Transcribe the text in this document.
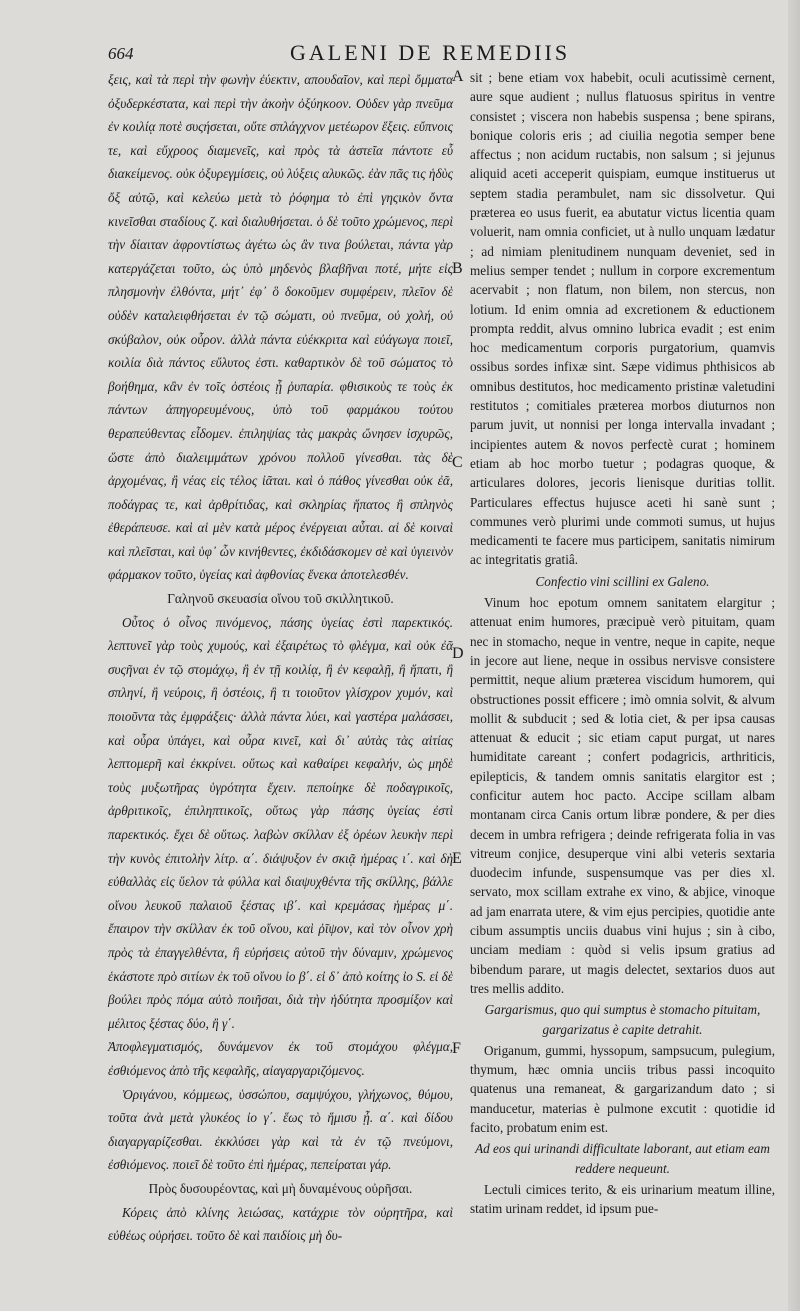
664	GALENI DE REMEDIIS

ξεις, καὶ τὰ περὶ τὴν φωνὴν ἐύεκτιν, απουδαῖον, καὶ περὶ ὄμματα ὀξυδερκέστατα, καὶ περὶ τὴν ἀκοὴν ὀξύηκοον. Οὐδεν γὰρ πνεῦμα ἐν κοιλίᾳ ποτὲ συςήσεται, οὔτε σπλάγχνον μετέωρον ἕξεις. εὔπνοις τε, καὶ εὔχροος διαμενεῖς, καὶ πρὸς τὰ ἀστεῖα πάντοτε εὖ διακείμενος. οὐκ ὀξυρεγμίσεις, οὐ λύξεις αλυκῶς. ἐὰν πᾶς τις ἡδὺς ὄξ αὐτῷ, καὶ κελεύω μετὰ τὸ ῥόφημα τὸ ἐπὶ γηςικὸν ὄντα κινεῖσθαι σταδίους ζ. καὶ διαλυθήσεται. ὁ δὲ τοῦτο χρώμενος, περὶ τὴν δίαιταν ἀφροντίστως ἀγέτω ὡς ἂν τινα βούλεται, πάντα γὰρ κατεργάζεται τοῦτο, ὡς ὑπὸ μηδενὸς βλαβῆναι ποτέ, μήτε εἰς πλησμονὴν ἐλθόντα, μήτ᾽ ἐφ᾽ ὃ δοκοῦμεν συμφέρειν, πλεῖον δὲ οὐδὲν καταλειφθήσεται ἐν τῷ σώματι, οὐ πνεῦμα, οὐ χολή, οὐ σκύβαλον, οὐκ οὖρον. ἀλλὰ πάντα εὐέκκριτα καὶ εὐάγωγα ποιεῖ, κοιλία διὰ πάντος εὔλυτος ἐστι. καθαρτικὸν δὲ τοῦ σώματος τὸ βοήθημα, κἂν ἐν τοῖς ὀστέοις ᾖ ῥυπαρία. φθισικοὺς τε τοὺς ἐκ πάντων ἀπηγορευμένους, ὑπὸ τοῦ φαρμάκου τούτου θεραπεύθεντας εἶδομεν. ἐπιληψίας τὰς μακρὰς ὤνησεν ἰσχυρῶς, ὥστε ἀπὸ διαλειμμάτων χρόνου πολλοῦ γίνεσθαι. τὰς δὲ ἀρχομένας, ἢ νέας εἰς τέλος ἰᾶται. καὶ ὁ πάθος γίνεσθαι οὐκ ἐᾶ, ποδάγρας τε, καὶ ἀρθρίτιδας, καὶ σκληρίας ἥπατος ἢ σπληνὸς ἐθεράπευσε. καὶ αἱ μὲν κατὰ μέρος ἐνέργειαι αὗται. αἱ δὲ κοιναὶ καὶ πλεῖσται, καὶ ὑφ᾽ ὧν κινήθεντες, ἐκδιδάσκομεν σὲ καὶ ὑγιεινὸν φάρμακον τοῦτο, ὑγείας καὶ ἀφθονίας ἕνεκα ἀποτελεσθέν.

Γαληνοῦ σκευασία οἴνου τοῦ σκιλλητικοῦ.

Οὗτος ὁ οἶνος πινόμενος, πάσης ὑγείας ἐστὶ παρεκτικός. λεπτυνεῖ γὰρ τοὺς χυμούς, καὶ ἐξαιρέτως τὸ φλέγμα, καὶ οὐκ ἐᾶ συςῆναι ἐν τῷ στομάχῳ, ἢ ἐν τῇ κοιλίᾳ, ἢ ἐν κεφαλῇ, ἢ ἥπατι, ἢ σπληνί, ἢ νεύροις, ἢ ὀστέοις, ἢ τι τοιοῦτον γλίσχρον χυμόν, καὶ ποιοῦντα τὰς ἐμφράξεις· ἀλλὰ πάντα λύει, καὶ γαστέρα μαλάσσει, καὶ οὖρα ὑπάγει, καὶ οὖρα κινεῖ, καὶ δι᾽ αὐτὰς τὰς αἰτίας λεπτομερῆ καὶ ἐκκρίνει. οὕτως καὶ καθαίρει κεφαλήν, ὡς μηδὲ τοὺς μυξωτῆρας ὑγρότητα ἔχειν. πεποίηκε δὲ ποδαγρικοῖς, ἀρθριτικοῖς, ἐπιληπτικοῖς, οὕτως γὰρ πάσης ὑγείας ἐστὶ παρεκτικός. ἔχει δὲ οὕτως. λαβὼν σκίλλαν ἐξ ὀρέων λευκὴν περὶ τὴν κυνὸς ἐπιτολὴν λίτρ. α΄. διάψυξον ἐν σκιᾷ ἡμέρας ι΄. καὶ δὴ εὐθαλλὰς εἰς ὕελον τὰ φύλλα καὶ διαψυχθέντα τῆς σκίλλης, βάλλε οἴνου λευκοῦ παλαιοῦ ξέστας ιβ΄. καὶ κρεμάσας ἡμέρας μ΄. ἔπαιρον τὴν σκίλλαν ἐκ τοῦ οἴνου, καὶ ῥῖψον, καὶ τὸν οἶνον χρὴ πρὸς τὰ ἐπαγγελθέντα, ἢ εὐρήσεις αὐτοῦ τὴν δύναμιν, χρώμενος ἑκάστοτε πρὸ σιτίων ἐκ τοῦ οἴνου ἰο β΄. εἰ δ᾽ ἀπὸ κοίτης ἰο S. εἰ δὲ βούλει πρὸς πόμα αὐτὸ ποιῆσαι, διὰ τὴν ἡδύτητα προσμίξον καὶ μέλιτος ξέστας δύο, ἢ γ΄.

Ἀποφλεγματισμός, δυνάμενον ἐκ τοῦ στομάχου φλέγμα, ἐσθιόμενος ἀπὸ τῆς κεφαλῆς, αἰαγαργαριζόμενος.

Ὀριγάνου, κόμμεως, ὑσσώπου, σαμψύχου, γλήχωνος, θύμου, τοῦτα ἀνὰ μετὰ γλυκέος ἰο γ΄. ἕως τὸ ἥμισυ ᾖ. α΄. καὶ δίδου διαγαργαρίζεσθαι. ἐκκλύσει γὰρ καὶ τὰ ἐν τῷ πνεύμονι, ἐσθιόμενος. ποιεῖ δὲ τοῦτο ἐπὶ ἡμέρας, πεπείραται γάρ.

Πρὸς δυσουρέοντας, καὶ μὴ δυναμένους οὐρῆσαι.

Κόρεις ἀπὸ κλίνης λειώσας, κατάχριε τὸν οὐρητῆρα, καὶ εὐθέως οὐρήσει. τοῦτο δὲ καὶ παιδίοις μὴ δυ-

A
B
C
D
E
F

sit ; bene etiam vox habebit, oculi acutissimè cernent, aure sque audient ; nullus flatuosus spiritus in ventre consistet ; viscera non habebis suspensa ; bene spirans, bonique coloris eris ; ad ciuilia negotia semper bene affectus ; non acidum ructabis, non salsum ; si jejunus aliquid aceti acceperit quispiam, eumque instituerus ut septem stadia perambulet, nam sic dissolvetur. Qui præterea eo usus fuerit, ea abutatur victus licentia quam voluerit, nam omnia conficiet, ut à nullo unquam lædatur ; ad nimiam plenitudinem nunquam deveniet, sed in melius semper tendet ; nullum in corpore excrementum acervabit ; non flatum, non bilem, non stercus, non lotium. Id enim omnia ad excretionem & eductionem prompta reddit, alvus omnino lubrica evadit ; est enim hoc medicamentum corporis purgatorium, quamvis ossibus sordes infixæ sint. Sæpe vidimus phthisicos ab omnibus destitutos, hoc medicamento pristinæ valetudini restitutos ; comitiales præterea morbos diuturnos non parum juvit, ut nonnisi per longa intervalla invadant ; incipientes autem & novos perfectè curat ; hominem etiam ab hoc morbo tuetur ; podagras quoque, & articulares dolores, jecoris lienisque duritias tollit. Particulares effectus hujusce aceti hi sanè sunt ; communes verò plurimi unde commoti sumus, ut hujus medicamenti te facere mus participem, sanitatis nimirum ac integritatis gratiâ.

Confectio vini scillini ex Galeno.

Vinum hoc epotum omnem sanitatem elargitur ; attenuat enim humores, præcipuè verò pituitam, quam nec in stomacho, neque in ventre, neque in capite, neque in jecore aut liene, neque in ossibus nervisve consistere permittit, neque alium præterea viscidum humorem, qui obstructiones possit efficere ; imò omnia solvit, & alvum mollit & subducit ; sed & lotia ciet, & per ipsa causas attenuat & educit ; sic etiam caput purgat, ut nares humiditate careant ; confert podagricis, arthriticis, epilepticis, & tandem omnis sanitatis elargitor est ; conficitur autem hoc pacto. Accipe scillam albam montanam circa Canis ortum libræ pondere, & per dies decem in umbra refrigera ; deinde refrigerata folia in vas vitreum conjice, desuperque vini albi veteris sextaria duodecim infunde, suspensumque vas per dies xl. servato, mox scillam extrahe ex vino, & abjice, vinoque ad jam enarrata utere, & vim ejus percipies, quotidie ante cibum assumptis unciis duabus vini hujus ; sin à cibo, unciam mediam : quòd si velis ipsum gratius ad bibendum parare, ut magis delectet, sextarios duos aut tres mellis addito.

Gargarismus, quo qui sumptus è stomacho pituitam, gargarizatus è capite detrahit.

Origanum, gummi, hyssopum, sampsucum, pulegium, thymum, hæc omnia unciis tribus passi incoquito quatenus una remaneat, & gargarizandum dato ; si manducetur, materias è pulmone excutit : quotidie id facito, probatum enim est.

Ad eos qui urinandi difficultate laborant, aut etiam eam reddere nequeunt.

Lectuli cimices terito, & eis urinarium meatum illine, statim urinam reddet, id ipsum pue-
